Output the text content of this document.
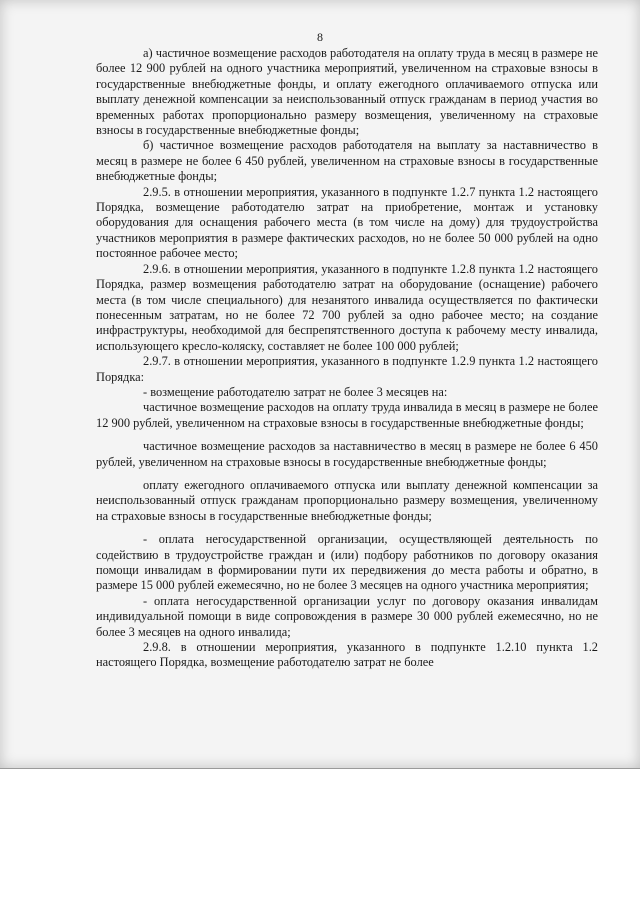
8

а) частичное возмещение расходов работодателя на оплату труда в месяц в размере не более 12 900 рублей на одного участника мероприятий, увеличенном на страховые взносы в государственные внебюджетные фонды, и оплату ежегодного оплачиваемого отпуска или выплату денежной компенсации за неиспользованный отпуск гражданам в период участия во временных работах пропорционально размеру возмещения, увеличенному на страховые взносы в государственные внебюджетные фонды;

б) частичное возмещение расходов работодателя на выплату за наставничество в месяц в размере не более 6 450 рублей, увеличенном на страховые взносы в государственные внебюджетные фонды;

2.9.5. в отношении мероприятия, указанного в подпункте 1.2.7 пункта 1.2 настоящего Порядка, возмещение работодателю затрат на приобретение, монтаж и установку оборудования для оснащения рабочего места (в том числе на дому) для трудоустройства участников мероприятия в размере фактических расходов, но не более 50 000 рублей на одно постоянное рабочее место;

2.9.6. в отношении мероприятия, указанного в подпункте 1.2.8 пункта 1.2 настоящего Порядка, размер возмещения работодателю затрат на оборудование (оснащение) рабочего места (в том числе специального) для незанятого инвалида осуществляется по фактически понесенным затратам, но не более 72 700 рублей за одно рабочее место; на создание инфраструктуры, необходимой для беспрепятственного доступа к рабочему месту инвалида, использующего кресло-коляску, составляет не более 100 000 рублей;

2.9.7. в отношении мероприятия, указанного в подпункте 1.2.9 пункта 1.2 настоящего Порядка:

- возмещение работодателю затрат не более 3 месяцев на:

частичное возмещение расходов на оплату труда инвалида в месяц в размере не более 12 900 рублей, увеличенном на страховые взносы в государственные внебюджетные фонды;

частичное возмещение расходов за наставничество в месяц в размере не более 6 450 рублей, увеличенном на страховые взносы в государственные внебюджетные фонды;

оплату ежегодного оплачиваемого отпуска или выплату денежной компенсации за неиспользованный отпуск гражданам пропорционально размеру возмещения, увеличенному на страховые взносы в государственные внебюджетные фонды;

- оплата негосударственной организации, осуществляющей деятельность по содействию в трудоустройстве граждан и (или) подбору работников по договору оказания помощи инвалидам в формировании пути их передвижения до места работы и обратно, в размере 15 000 рублей ежемесячно, но не более 3 месяцев на одного участника мероприятия;

- оплата негосударственной организации услуг по договору оказания инвалидам индивидуальной помощи в виде сопровождения в размере 30 000 рублей ежемесячно, но не более 3 месяцев на одного инвалида;

2.9.8. в отношении мероприятия, указанного в подпункте 1.2.10 пункта 1.2 настоящего Порядка, возмещение работодателю затрат не более
